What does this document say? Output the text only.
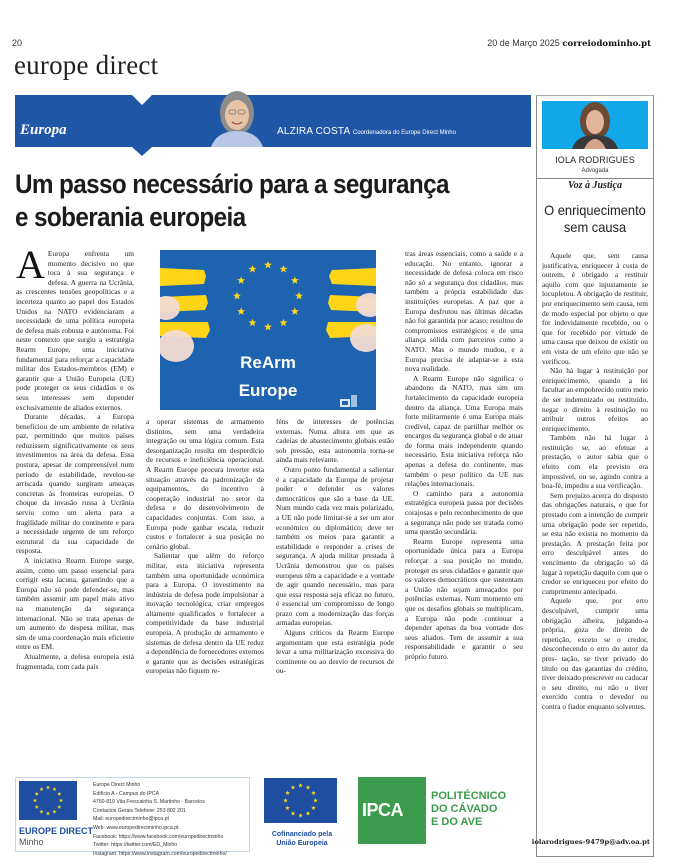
20	20 de Março 2025 correiodominho.pt
europe direct
Europa	ALZIRA COSTA Coordenadora do Europe Direct Minho
Um passo necessário para a segurança
e soberania europeia
ReArm
Europe

A Europa enfrenta um momento decisivo no que toca à sua segurança e defesa. A guerra na Ucrânia, as crescentes tensões geopolíticas e a incerteza quanto ao papel dos Estados Unidos na NATO evidenciaram a necessidade de uma política europeia de defesa mais robusta e autónoma. Foi neste contexto que surgiu a estratégia Rearm Europe, uma iniciativa fundamental para reforçar a capacidade militar dos Estados-membros (EM) e garantir que a União Europeia (UE) pode proteger os seus cidadãos e os seus interesses sem depender exclusivamente de aliados externos.

Durante décadas, a Europa beneficiou de um ambiente de relativa paz, permitindo que muitos países reduzissem significativamente os seus investimentos na área da defesa. Essa postura, apesar de compreensível num período de estabilidade, revelou-se arriscada quando surgiram ameaças concretas às fronteiras europeias. O choque da invasão russa à Ucrânia serviu como um alerta para a fragilidade militar do continente e para a necessidade urgente de um reforço estrutural da sua capacidade de resposta.

A iniciativa Rearm Europe surge, assim, como um passo essencial para corrigir esta lacuna, garantindo que a Europa não só pode defender-se, mas também assumir um papel mais ativo na manutenção da segurança internacional. Não se trata apenas de um aumento de despesa militar, mas sim de uma coordenação mais eficiente entre os EM.

Atualmente, a defesa europeia está fragmentada, com cada país

a operar sistemas de armamento distintos, sem uma verdadeira integração ou uma lógica comum. Esta desorganização resulta em desperdício de recursos e ineficiência operacional. A Rearm Europe procura inverter esta situação através da padronização de equipamentos, do incentivo à cooperação industrial no setor da defesa e do desenvolvimento de capacidades conjuntas. Com isso, a Europa pode ganhar escala, reduzir custos e fortalecer a sua posição no cenário global.

Salientar que além do reforço militar, esta iniciativa representa também uma oportunidade económica para a Europa. O investimento na indústria de defesa pode impulsionar a inovação tecnológica, criar empregos altamente qualificados e fortalecer a competitividade da base industrial europeia. A produção de armamento e sistemas de defesa dentro da UE reduz a dependência de fornecedores externos e garante que as decisões estratégicas europeias não fiquem re-

féns de interesses de potências externas. Numa altura em que as cadeias de abastecimento globais estão sob pressão, esta autonomia torna-se ainda mais relevante.

Outro ponto fundamental a salientar é a capacidade da Europa de projetar poder e defender os valores democráticos que são a base da UE. Num mundo cada vez mais polarizado, a UE não pode limitar-se a ser um ator económico ou diplomático; deve ter também os meios para garantir a estabilidade e responder a crises de segurança. A ajuda militar prestada à Ucrânia demonstrou que os países europeus têm a capacidade e a vontade de agir quando necessário, mas para que essa resposta seja eficaz no futuro, é essencial um compromisso de longo prazo com a modernização das forças armadas europeias.

Alguns críticos da Rearm Europe argumentam que esta estratégia pode levar a uma militarização excessiva do continente ou ao desvio de recursos de ou-

tras áreas essenciais, como a saúde e a educação. No entanto, ignorar a necessidade de defesa coloca em risco não só a segurança dos cidadãos, mas também a própria estabilidade das instituições europeias. A paz que a Europa desfrutou nas últimas décadas não foi garantida por acaso; resultou de compromissos estratégicos e de uma aliança sólida com parceiros como a NATO. Mas o mundo mudou, e a Europa precisa de adaptar-se a esta nova realidade.

A Rearm Europe não significa o abandono da NATO, mas sim um fortalecimento da capacidade europeia dentro da aliança. Uma Europa mais forte militarmente é uma Europa mais credível, capaz de partilhar melhor os encargos da segurança global e de atuar de forma mais independente quando necessário. Esta iniciativa reforça não apenas a defesa do continente, mas também o peso político da UE nas relações internacionais.

O caminho para a autonomia estratégica europeia passa por decisões corajosas e pelo reconhecimento de que a segurança não pode ser tratada como uma questão secundária.

Rearm Europe representa uma oportunidade única para a Europa reforçar a sua posição no mundo, proteger os seus cidadãos e garantir que os valores democráticos que sustentam a União não sejam ameaçados por potências externas. Num momento em que os desafios globais se multiplicam, a Europa não pode continuar a depender apenas da boa vontade dos seus aliados. Tem de assumir a sua responsabilidade e garantir o seu próprio futuro.

IOLA RODRIGUES
Advogada
Voz à Justiça
O enriquecimento sem causa

Aquele que, sem causa justificativa, enriquecer à custa de outrem, é obrigado a restituir aquilo com que injustamente se locupletou. A obrigação de restituir, por enriquecimento sem causa, tem de modo especial por objeto o que for indevidamente recebido, ou o que for recebido por virtude de uma causa que deixou de existir ou em vista de um efeito que não se verificou.

Não há lugar à restituição por enriquecimento, quando a lei facultar ao empobrecido outro meio de ser indemnizado ou restituído, negar o direito à restituição ou atribuir outros efeitos ao enriquecimento.

Também não há lugar à restituição se, ao efetuar a prestação, o autor sabia que o efeito com ela previsto era impossível, ou se, agindo contra a boa-fé, impediu a sua verificação.

Sem prejuízo acerca do disposto das obrigações naturais, o que for prestado com a intenção de cumprir uma obrigação pode ser repetido, se esta não existia no momento da prestação. A prestação feita por erro desculpável antes do vencimento da obrigação só dá lugar à repetição daquilo com que o credor se enriqueceu por efeito do cumprimento antecipado.

Aquele que, por erro desculpável, cumprir uma obrigação alheira, julgando-a própria, goza de direito de repetição, exceto se o credor, desconhecendo o erro do autor da pres- tação, se tiver privado do título ou das garantias do crédito, tiver deixado prescrever ou caducar o seu direito, ou não o tiver exercido contra o devedor ou contra o fiador enquanto solventes.

iolarodrigues-9479p@adv.oa.pt
EUROPE DIRECT
Minho
Europe Direct Minho
Edifício A - Campus do IPCA
4750-810 Vila Frescainha S. Martinho - Barcelos
Contactos Gerais Telefone: 253 802 201
Mail: europedirectminho@ipca.pt
Web: www.europedirectminho.ipca.pt
Facebook: https://www.facebook.com/europedirectminho
Twitter: https://twitter.com/ED_Minho
Instagram: https://www.instagram.com/europedirectminho/
Cofinanciado pela
União Europeia
IPCA
POLITÉCNICO
DO CÁVADO
E DO AVE
